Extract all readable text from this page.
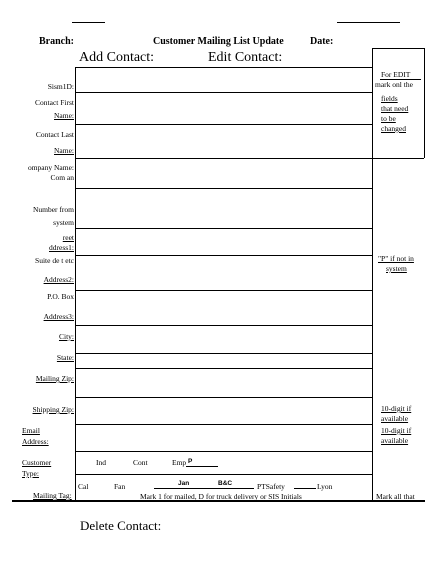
Branch:	Customer Mailing List Update	Date:
Add Contact:	Edit Contact:
Sism1D:
Contact First
Name:
Contact Last
Name:
ompany Name:
Com an
Number from
system
reet
ddress1:
Suite de t etc
Address2:
P.O. Box
Address3:
City:
State:
Mailing Zip:
Shipping Zip:
Email
Address:
Customer
Type:
Mailing Tag:
Ind	Cont	Emp P
Cal	Fan	Jan	B&C	PTSafety	Lyon
Mark 1 for mailed, D for truck delivery or SIS Initials
For EDIT
mark onl the
fields
that need
to be
changed
"P" if not in
system
10-digit if
available
10-digit if
available
Mark all that
Delete Contact:
